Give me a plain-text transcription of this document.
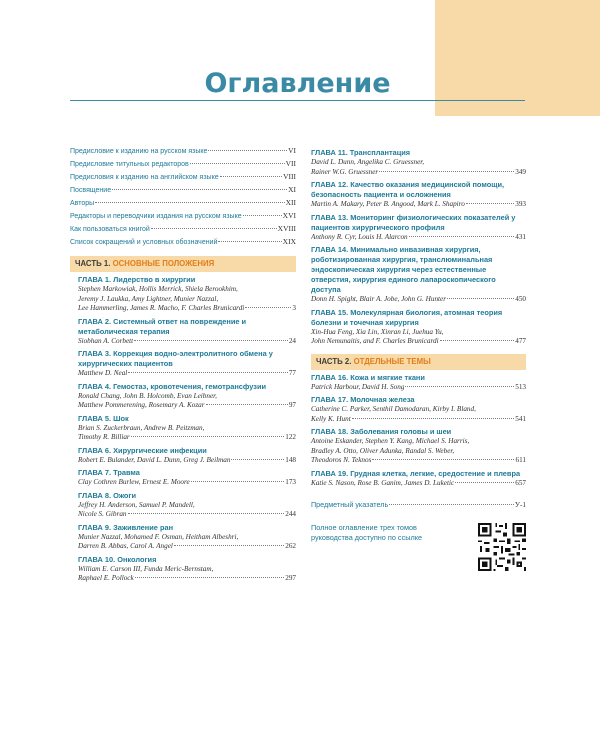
Оглавление
Предисловие к изданию на русском языке	VI
Предисловие титульных редакторов	VII
Предисловия к изданию на английском языке	VIII
Посвящение	XI
Авторы	XII
Редакторы и переводчики издания на русском языке	XVI
Как пользоваться книгой	XVIII
Список сокращений и условных обозначений	XIX
ЧАСТЬ 1. ОСНОВНЫЕ ПОЛОЖЕНИЯ
ГЛАВА 1. Лидерство в хирургии
Stephen Markowiak, Hollis Merrick, Shiela Berookhim,
Jeremy J. Laukka, Amy Lightner, Munier Nazzal,
Lee Hammerling, James R. Macho, F. Charles Brunicardi	3
ГЛАВА 2. Системный ответ на повреждение и метаболическая терапия
Siobhan A. Corbett	24
ГЛАВА 3. Коррекция водно-электролитного обмена у хирургических пациентов
Matthew D. Neal	77
ГЛАВА 4. Гемостаз, кровотечения, гемотрансфузии
Ronald Chang, John B. Holcomb, Evan Leibner,
Matthew Pommerening, Rosemary A. Kozar	97
ГЛАВА 5. Шок
Brian S. Zuckerbraun, Andrew B. Peitzman,
Timothy R. Billiar	122
ГЛАВА 6. Хирургические инфекции
Robert E. Bulander, David L. Dunn, Greg J. Beilman	148
ГЛАВА 7. Травма
Clay Cothren Burlew, Ernest E. Moore	173
ГЛАВА 8. Ожоги
Jeffrey H. Anderson, Samuel P. Mandell,
Nicole S. Gibran	244
ГЛАВА 9. Заживление ран
Munier Nazzal, Mohamed F. Osman, Heitham Albeshri,
Darren B. Abbas, Carol A. Angel	262
ГЛАВА 10. Онкология
William E. Carson III, Funda Meric-Bernstam,
Raphael E. Pollock	297
ГЛАВА 11. Трансплантация
David L. Dunn, Angelika C. Gruessner,
Rainer W.G. Gruessner	349
ГЛАВА 12. Качество оказания медицинской помощи, безопасность пациента и осложнения
Martin A. Makary, Peter B. Angood, Mark L. Shapiro	393
ГЛАВА 13. Мониторинг физиологических показателей у пациентов хирургического профиля
Anthony R. Cyr, Louis H. Alarcon	431
ГЛАВА 14. Минимально инвазивная хирургия, роботизированная хирургия, транслюминальная эндоскопическая хирургия через естественные отверстия, хирургия единого лапароскопического доступа
Donn H. Spight, Blair A. Jobe, John G. Hunter	450
ГЛАВА 15. Молекулярная биология, атомная теория болезни и точечная хирургия
Xin-Hua Feng, Xia Lin, Xinran Li, Juehua Yu,
John Nemunaitis, and F. Charles Brunicardi	477
ЧАСТЬ 2. ОТДЕЛЬНЫЕ ТЕМЫ
ГЛАВА 16. Кожа и мягкие ткани
Patrick Harbour, David H. Song	513
ГЛАВА 17. Молочная железа
Catherine C. Parker, Senthil Damodaran, Kirby I. Bland,
Kelly K. Hunt	541
ГЛАВА 18. Заболевания головы и шеи
Antoine Eskander, Stephen Y. Kang, Michael S. Harris,
Bradley A. Otto, Oliver Adunka, Randal S. Weber,
Theodoros N. Teknos	611
ГЛАВА 19. Грудная клетка, легкие, средостение и плевра
Katie S. Nason, Rose B. Ganim, James D. Luketic	657
Предметный указатель	У-1
Полное оглавление трех томов руководства доступно по ссылке
